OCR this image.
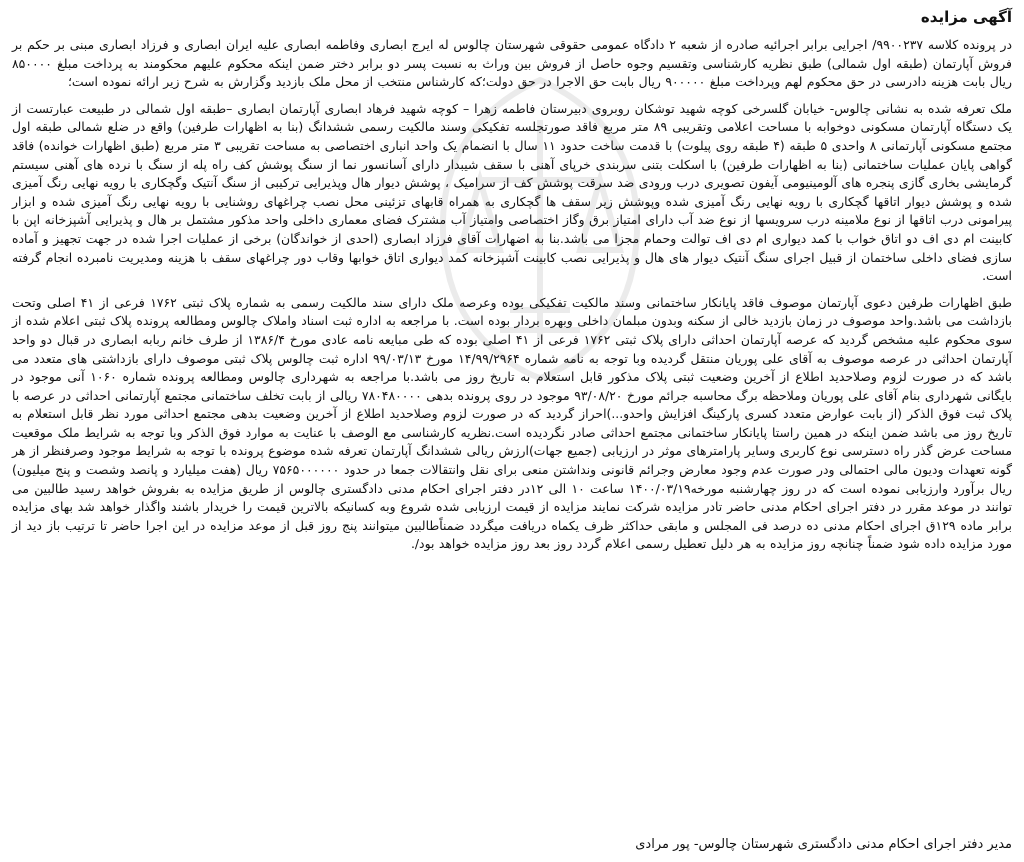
آگهی مزایده

در پرونده کلاسه ۹۹۰۰۲۳۷/ اجرایی برابر اجرائیه صادره از شعبه ۲ دادگاه عمومی حقوقی شهرستان چالوس له ایرج ابصاری وفاطمه ابصاری علیه ایران ابصاری و فرزاد ابصاری مبنی بر حکم بر فروش آپارتمان (طبقه اول شمالی) طبق نظریه کارشناسی وتقسیم وجوه حاصل از فروش بین وراث به نسبت پسر دو برابر دختر ضمن اینکه محکوم علیهم محکومند به پرداخت مبلغ ۸۵۰۰۰۰ ریال بابت هزینه دادرسی در حق محکوم لهم وپرداخت مبلغ ۹۰۰۰۰۰ ریال بابت حق الاجرا در حق دولت؛که کارشناس منتخب از محل ملک بازدید وگزارش به شرح زیر ارائه نموده است؛

ملک تعرفه شده به نشانی چالوس- خیابان گلسرخی کوچه شهید توشکان روبروی دبیرستان فاطمه زهرا – کوچه شهید فرهاد ابصاری آپارتمان ابصاری –طبقه اول شمالی در طبیعت عبارتست از یک دستگاه آپارتمان مسکونی دوخوابه با مساحت اعلامی وتقریبی ۸۹ متر مربع فاقد صورتجلسه تفکیکی وسند مالکیت رسمی ششدانگ (بنا به اظهارات طرفین) واقع در ضلع شمالی طبقه اول مجتمع مسکونی آپارتمانی ۸ واحدی ۵ طبقه (۴ طبقه روی پیلوت) با قدمت ساخت حدود ۱۱ سال با انضمام یک واحد انباری اختصاصی به مساحت تقریبی ۳ متر مربع (طبق اظهارات خوانده) فاقد گواهی پایان عملیات ساختمانی (بنا به اظهارات طرفین) با اسکلت بتنی سربندی خرپای آهنی با سقف شیبدار دارای آسانسور نما از سنگ پوشش کف راه پله از سنگ با نرده های آهنی سیستم گرمایشی بخاری گازی پنجره های آلومینیومی آیفون تصویری درب ورودی ضد سرقت پوشش کف از سرامیک ، پوشش دیوار هال وپذیرایی ترکیبی از سنگ آنتیک وگچکاری با رویه نهایی رنگ آمیزی شده و پوشش دیوار اتاقها گچکاری با رویه نهایی رنگ آمیزی شده وپوشش زیر سقف ها گچکاری به همراه قابهای تزئینی محل نصب چراغهای روشنایی با رویه نهایی رنگ آمیزی شده و ابزار پیرامونی درب اتاقها از نوع ملامینه درب سرویسها از نوع ضد آب دارای امتیاز برق وگاز اختصاصی وامتیاز آب مشترک فضای معماری داخلی واحد مذکور مشتمل بر هال و پذیرایی آشپزخانه اپن با کابینت ام دی اف دو اتاق خواب با کمد دیواری ام دی اف توالت وحمام مجزا می باشد.بنا به اضهارات آقای فرزاد ابصاری (احدی از خواندگان) برخی از عملیات اجرا شده در جهت تجهیز و آماده سازی فضای داخلی ساختمان از قبیل اجرای سنگ آنتیک دیوار های هال و پذیرایی نصب کابینت آشپزخانه کمد دیواری اتاق خوابها وقاب دور چراغهای سقف با هزینه ومدیریت نامبرده انجام گرفته است.

طبق اظهارات طرفین دعوی آپارتمان موصوف فاقد پایانکار ساختمانی وسند مالکیت تفکیکی بوده وعرصه ملک دارای سند مالکیت رسمی به شماره پلاک ثبتی ۱۷۶۲ فرعی از ۴۱ اصلی وتحت بازداشت می باشد.واحد موصوف در زمان بازدید خالی از سکنه وبدون مبلمان داخلی وبهره بردار بوده است. با مراجعه به اداره ثبت اسناد واملاک چالوس ومطالعه پرونده پلاک ثبتی اعلام شده از سوی محکوم علیه مشخص گردید که عرصه آپارتمان احداثی دارای پلاک ثبتی ۱۷۶۲ فرعی از ۴۱ اصلی بوده که طی مبایعه نامه عادی مورخ ۱۳۸۶/۴ از طرف خانم ربابه ابصاری در قبال دو واحد آپارتمان احداثی در عرصه موصوف به آقای علی پوریان منتقل گردیده وبا توجه به نامه شماره ۱۴/۹۹/۲۹۶۴ مورخ ۹۹/۰۳/۱۳ اداره ثبت چالوس پلاک ثبتی موصوف دارای بازداشتی های متعدد می باشد که در صورت لزوم وصلاحدید اطلاع از آخرین وضعیت ثبتی پلاک مذکور قابل استعلام به تاریخ روز می باشد.با مراجعه به شهرداری چالوس ومطالعه پرونده شماره ۱۰۶۰ آنی موجود در بایگانی شهرداری بنام آقای علی پوریان وملاحظه برگ محاسبه جرائم مورخ ۹۳/۰۸/۲۰ موجود در روی پرونده بدهی ۷۸۰۴۸۰۰۰۰ ریالی از بابت تخلف ساختمانی مجتمع آپارتمانی احداثی در عرصه با پلاک ثبت فوق الذکر (از بابت عوارض متعدد کسری پارکینگ افزایش واحدو...)احراز گردید که در صورت لزوم وصلاحدید اطلاع از آخرین وضعیت بدهی مجتمع احداثی مورد نظر قابل استعلام به تاریخ روز می باشد ضمن اینکه در همین راستا پایانکار ساختمانی مجتمع احداثی صادر نگردیده است.نظریه کارشناسی مع الوصف با عنایت به موارد فوق الذکر وبا توجه به شرایط ملک موقعیت مساحت عرض گذر راه دسترسی نوع کاربری وسایر پارامترهای موثر در ارزیابی (جمیع جهات)ارزش ریالی ششدانگ آپارتمان تعرفه شده موضوع پرونده با توجه به شرایط موجود وصرفنظر از هر گونه تعهدات ودیون مالی احتمالی ودر صورت عدم وجود معارض وجرائم قانونی ونداشتن منعی برای نقل وانتقالات جمعا در حدود ۷۵۶۵۰۰۰۰۰۰ ریال (هفت میلیارد و پانصد وشصت و پنج میلیون) ریال برآورد وارزیابی نموده است که در روز چهارشنبه مورخه۱۴۰۰/۰۳/۱۹ ساعت ۱۰ الی ۱۲در دفتر اجرای احکام مدنی دادگستری چالوس از طریق مزایده به بفروش خواهد رسید طالبین می توانند در موعد مقرر در دفتر اجرای احکام مدنی حاضر تادر مزایده شرکت نمایند مزایده از قیمت ارزیابی شده شروع وبه کسانیکه بالاترین قیمت را خریدار باشند واگذار خواهد شد بهای مزایده برابر ماده ۱۲۹ق اجرای احکام مدنی ده درصد فی المجلس و مابقی حداکثر ظرف یکماه دریافت میگردد ضمناًطالبین میتوانند پنج روز قبل از موعد مزایده در این اجرا حاضر تا ترتیب باز دید از مورد مزایده داده شود ضمناً چنانچه روز مزایده به هر دلیل تعطیل رسمی اعلام گردد روز بعد روز مزایده خواهد بود/.

مدیر دفتر اجرای احکام مدنی دادگستری شهرستان چالوس- پور مرادی
